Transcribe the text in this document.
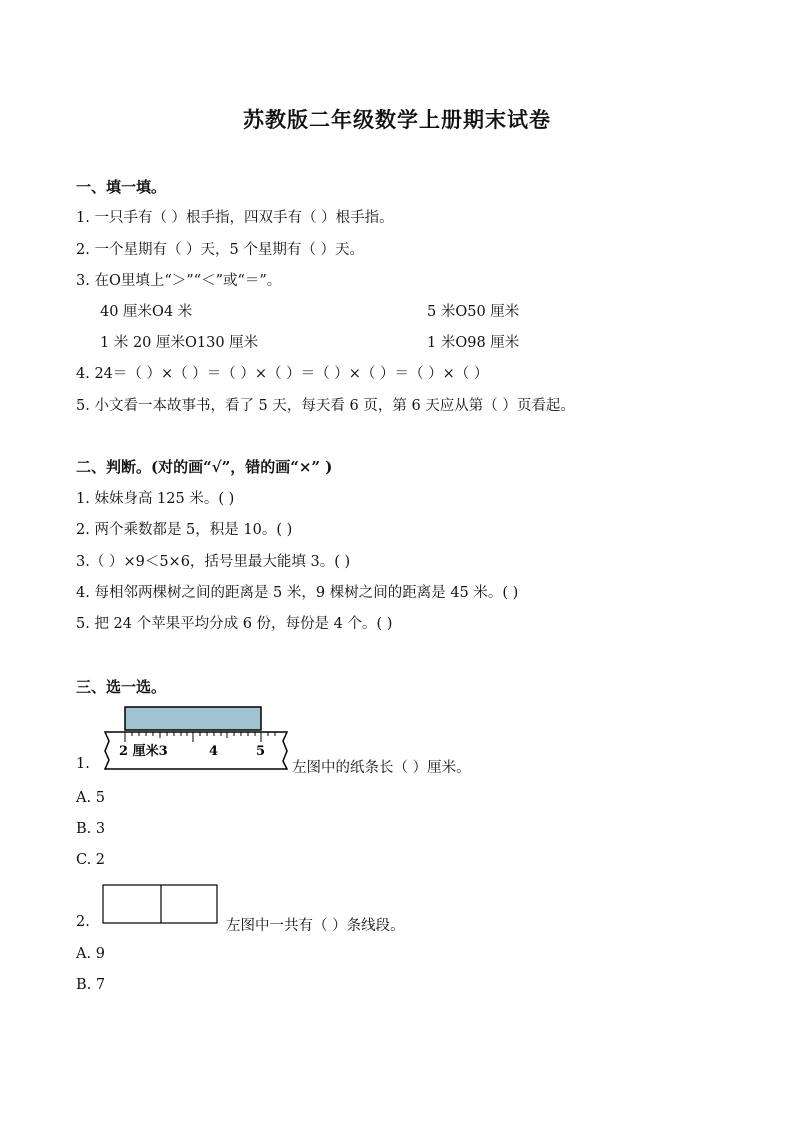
苏教版二年级数学上册期末试卷
一、填一填。
1. 一只手有（ ）根手指，四双手有（ ）根手指。
2. 一个星期有（ ）天，5 个星期有（ ）天。
3. 在O里填上“＞”“＜”或“＝”。
40 厘米O4 米	5 米O50 厘米
1 米 20 厘米O130 厘米	1 米O98 厘米
4. 24＝（ ）×（ ）＝（ ）×（ ）＝（ ）×（ ）＝（ ）×（ ）
5. 小文看一本故事书，看了 5 天，每天看 6 页，第 6 天应从第（ ）页看起。
二、判断。(对的画“√”，错的画“×” )
1. 妹妹身高 125 米。( )
2. 两个乘数都是 5，积是 10。( )
3.（ ）×9＜5×6，括号里最大能填 3。( )
4. 每相邻两棵树之间的距离是 5 米，9 棵树之间的距离是 45 米。( )
5. 把 24 个苹果平均分成 6 份，每份是 4 个。( )
三、选一选。
2 厘米3	4	5
1.	左图中的纸条长（ ）厘米。
A. 5
B. 3
C. 2
2.	左图中一共有（ ）条线段。
A. 9
B. 7
